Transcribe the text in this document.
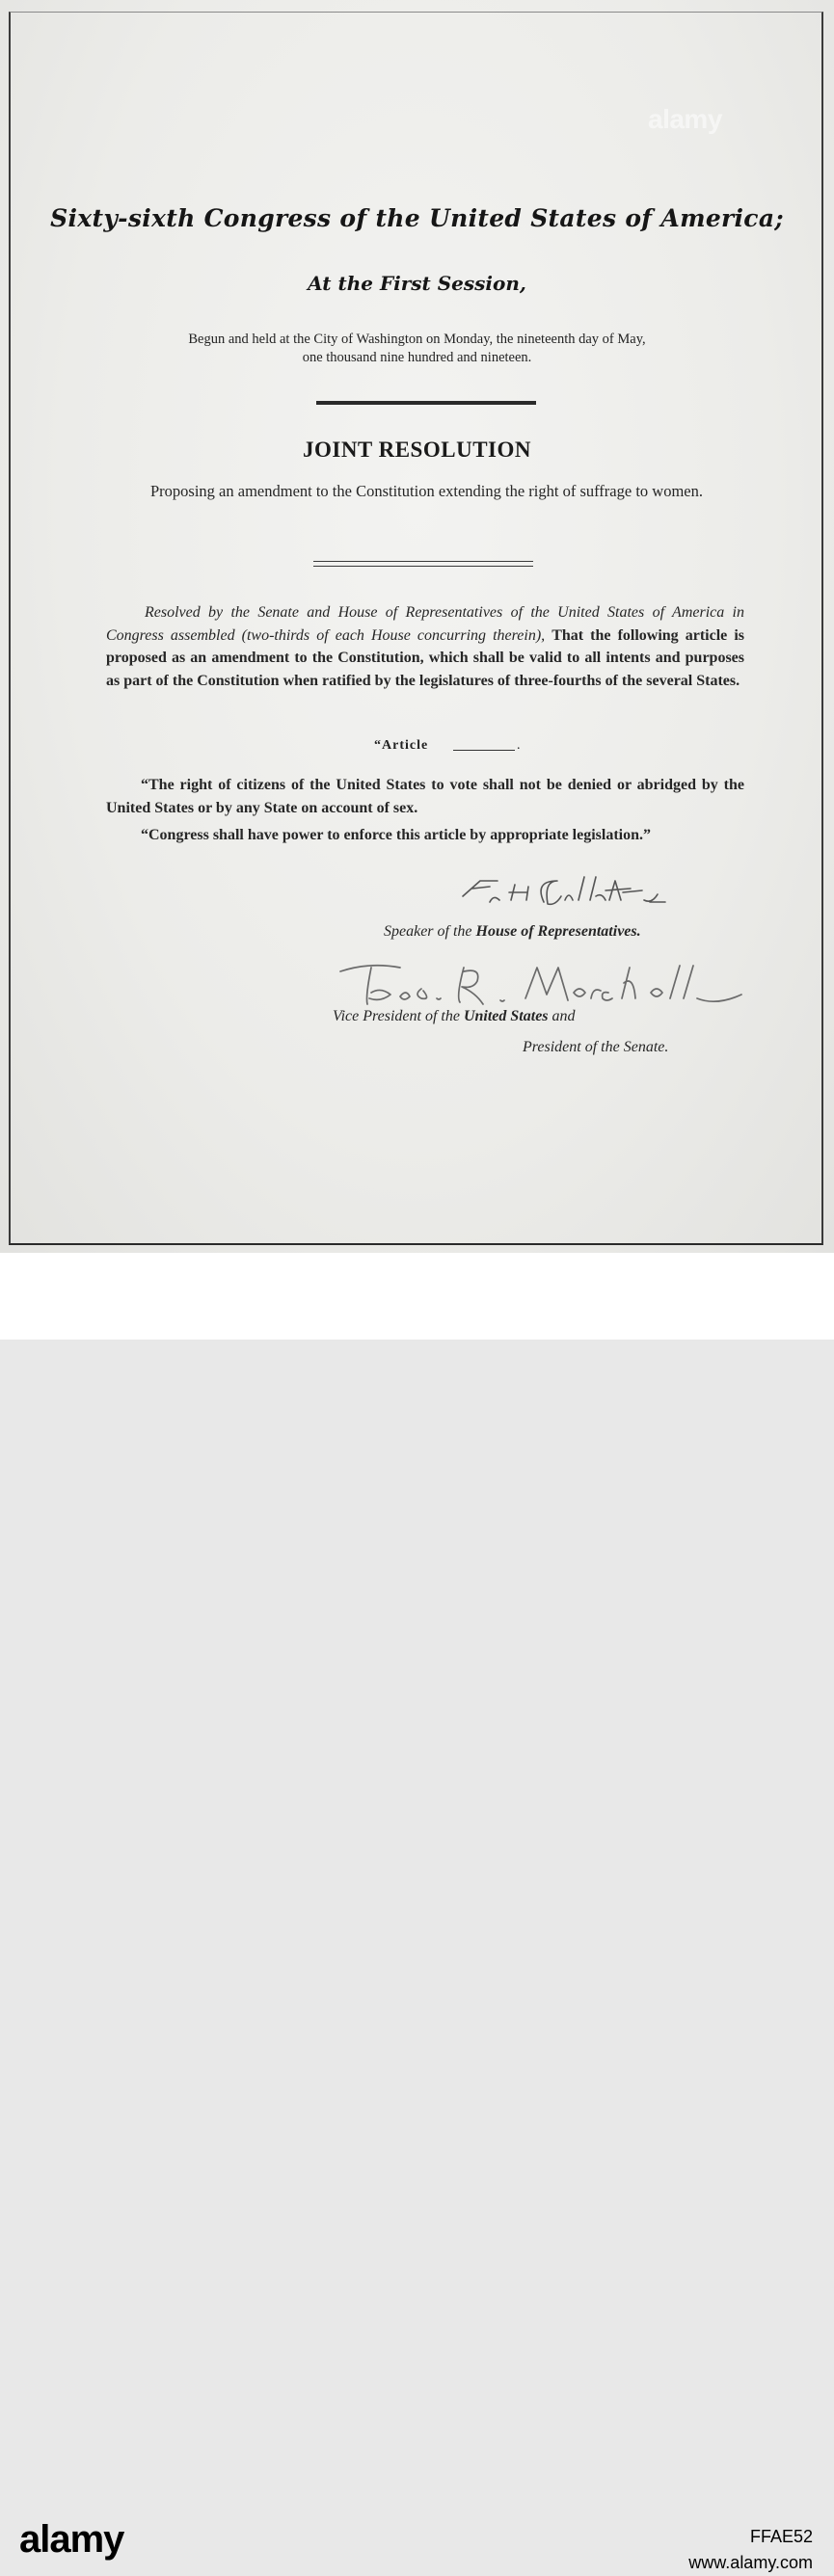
Sixty-sixth Congress of the United States of America;
At the First Session,
Begun and held at the City of Washington on Monday, the nineteenth day of May,
one thousand nine hundred and nineteen.
JOINT RESOLUTION
Proposing an amendment to the Constitution extending the right of suffrage to women.
Resolved by the Senate and House of Representatives of the United States of America in Congress assembled (two-thirds of each House concurring therein), That the following article is proposed as an amendment to the Constitution, which shall be valid to all intents and purposes as part of the Constitution when ratified by the legislatures of three-fourths of the several States.
“Article	.
“The right of citizens of the United States to vote shall not be denied or abridged by the United States or by any State on account of sex.
“Congress shall have power to enforce this article by appropriate legislation.”
Speaker of the House of Representatives.
Vice President of the United States and
President of the Senate.
alamy
alamy	FFAE52
www.alamy.com
